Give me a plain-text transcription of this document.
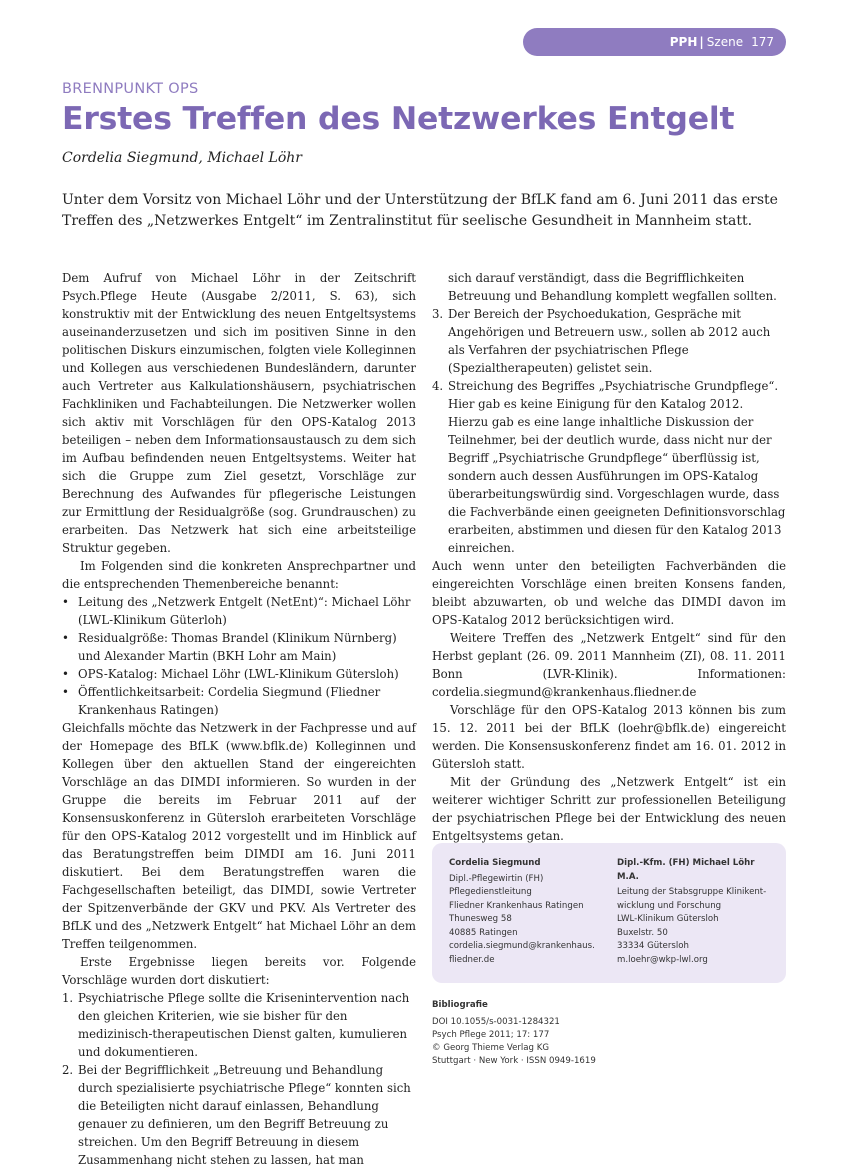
PPH | Szene 177
BRENNPUNKT OPS
Erstes Treffen des Netzwerkes Entgelt
Cordelia Siegmund, Michael Löhr

Unter dem Vorsitz von Michael Löhr und der Unterstützung der BfLK fand am 6. Juni 2011 das erste Treffen des „Netzwerkes Entgelt“ im Zentralinstitut für seelische Gesundheit in Mannheim statt.

Dem Aufruf von Michael Löhr in der Zeitschrift Psych.Pflege Heute (Ausgabe 2/2011, S. 63), sich konstruktiv mit der Entwicklung des neuen Entgeltsystems auseinanderzusetzen und sich im positiven Sinne in den politischen Diskurs einzumischen, folgten viele Kolleginnen und Kollegen aus verschiedenen Bundesländern, darunter auch Vertreter aus Kalkulationshäusern, psychiatrischen Fachkliniken und Fachabteilungen. Die Netzwerker wollen sich aktiv mit Vorschlägen für den OPS-Katalog 2013 beteiligen – neben dem Informationsaustausch zu dem sich im Aufbau befindenden neuen Entgeltsystems. Weiter hat sich die Gruppe zum Ziel gesetzt, Vorschläge zur Berechnung des Aufwandes für pflegerische Leistungen zur Ermittlung der Residualgröße (sog. Grundrauschen) zu erarbeiten. Das Netzwerk hat sich eine arbeitsteilige Struktur gegeben.

Im Folgenden sind die konkreten Ansprechpartner und die entsprechenden Themenbereiche benannt:

• Leitung des „Netzwerk Entgelt (NetEnt)“: Michael Löhr (LWL-Klinikum Güterloh)
• Residualgröße: Thomas Brandel (Klinikum Nürnberg) und Alexander Martin (BKH Lohr am Main)
• OPS-Katalog: Michael Löhr (LWL-Klinikum Gütersloh)
• Öffentlichkeitsarbeit: Cordelia Siegmund (Fliedner Krankenhaus Ratingen)

Gleichfalls möchte das Netzwerk in der Fachpresse und auf der Homepage des BfLK (www.bflk.de) Kolleginnen und Kollegen über den aktuellen Stand der eingereichten Vorschläge an das DIMDI informieren. So wurden in der Gruppe die bereits im Februar 2011 auf der Konsensuskonferenz in Gütersloh erarbeiteten Vorschläge für den OPS-Katalog 2012 vorgestellt und im Hinblick auf das Beratungstreffen beim DIMDI am 16. Juni 2011 diskutiert. Bei dem Beratungstreffen waren die Fachgesellschaften beteiligt, das DIMDI, sowie Vertreter der Spitzenverbände der GKV und PKV. Als Vertreter des BfLK und des „Netzwerk Entgelt“ hat Michael Löhr an dem Treffen teilgenommen.

Erste Ergebnisse liegen bereits vor. Folgende Vorschläge wurden dort diskutiert:

1. Psychiatrische Pflege sollte die Krisenintervention nach den gleichen Kriterien, wie sie bisher für den medizinisch-therapeutischen Dienst galten, kumulieren und dokumentieren.
2. Bei der Begrifflichkeit „Betreuung und Behandlung durch spezialisierte psychiatrische Pflege“ konnten sich die Beteiligten nicht darauf einlassen, Behandlung genauer zu definieren, um den Begriff Betreuung zu streichen. Um den Begriff Betreuung in diesem Zusammenhang nicht stehen zu lassen, hat man

sich darauf verständigt, dass die Begrifflichkeiten Betreuung und Behandlung komplett wegfallen sollten.

3. Der Bereich der Psychoedukation, Gespräche mit Angehörigen und Betreuern usw., sollen ab 2012 auch als Verfahren der psychiatrischen Pflege (Spezialtherapeuten) gelistet sein.
4. Streichung des Begriffes „Psychiatrische Grundpflege“. Hier gab es keine Einigung für den Katalog 2012. Hierzu gab es eine lange inhaltliche Diskussion der Teilnehmer, bei der deutlich wurde, dass nicht nur der Begriff „Psychiatrische Grundpflege“ überflüssig ist, sondern auch dessen Ausführungen im OPS-Katalog überarbeitungswürdig sind. Vorgeschlagen wurde, dass die Fachverbände einen geeigneten Definitionsvorschlag erarbeiten, abstimmen und diesen für den Katalog 2013 einreichen.

Auch wenn unter den beteiligten Fachverbänden die eingereichten Vorschläge einen breiten Konsens fanden, bleibt abzuwarten, ob und welche das DIMDI davon im OPS-Katalog 2012 berücksichtigen wird.

Weitere Treffen des „Netzwerk Entgelt“ sind für den Herbst geplant (26. 09. 2011 Mannheim (ZI), 08. 11. 2011 Bonn (LVR-Klinik). Informationen: cordelia.siegmund@krankenhaus.fliedner.de

Vorschläge für den OPS-Katalog 2013 können bis zum 15. 12. 2011 bei der BfLK (loehr@bflk.de) eingereicht werden. Die Konsensuskonferenz findet am 16. 01. 2012 in Gütersloh statt.

Mit der Gründung des „Netzwerk Entgelt“ ist ein weiterer wichtiger Schritt zur professionellen Beteiligung der psychiatrischen Pflege bei der Entwicklung des neuen Entgeltsystems getan.

Cordelia Siegmund
Dipl.-Pflegewirtin (FH)
Pflegedienstleitung
Fliedner Krankenhaus Ratingen
Thunesweg 58
40885 Ratingen
cordelia.siegmund@krankenhaus.
fliedner.de
Dipl.-Kfm. (FH) Michael Löhr M.A.
Leitung der Stabsgruppe Klinikent-
wicklung und Forschung
LWL-Klinikum Gütersloh
Buxelstr. 50
33334 Gütersloh
m.loehr@wkp-lwl.org
Bibliografie
DOI 10.1055/s-0031-1284321
Psych Pflege 2011; 17: 177
© Georg Thieme Verlag KG
Stuttgart · New York · ISSN 0949-1619
